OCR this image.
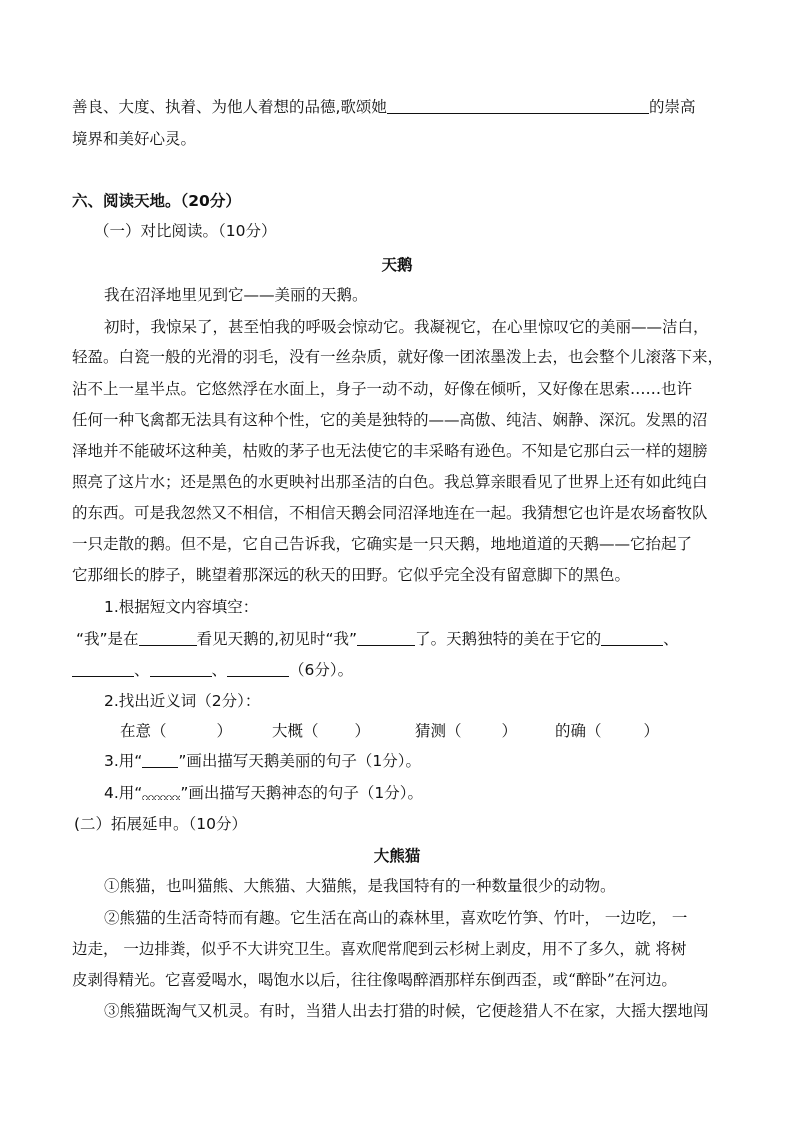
善良、大度、执着、为他人着想的品德,歌颂她	的崇高
境界和美好心灵。
六、阅读天地。（20分）
（一）对比阅读。（10分）
天鹅
我在沼泽地里见到它——美丽的天鹅。
初时，我惊呆了，甚至怕我的呼吸会惊动它。我凝视它，在心里惊叹它的美丽——洁白，
轻盈。白瓷一般的光滑的羽毛，没有一丝杂质，就好像一团浓墨泼上去，也会整个儿滚落下来，
沾不上一星半点。它悠然浮在水面上，身子一动不动，好像在倾听，又好像在思索……也许
任何一种飞禽都无法具有这种个性，它的美是独特的——高傲、纯洁、娴静、深沉。发黑的沼
泽地并不能破坏这种美，枯败的茅子也无法使它的丰采略有逊色。不知是它那白云一样的翅膀
照亮了这片水；还是黑色的水更映衬出那圣洁的白色。我总算亲眼看见了世界上还有如此纯白
的东西。可是我忽然又不相信，不相信天鹅会同沼泽地连在一起。我猜想它也许是农场畜牧队
一只走散的鹅。但不是，它自己告诉我，它确实是一只天鹅，地地道道的天鹅——它抬起了
它那细长的脖子，眺望着那深远的秋天的田野。它似乎完全没有留意脚下的黑色。
1.根据短文内容填空：
“我”是在	看见天鹅的,初见时“我”	了。天鹅独特的美在于它的	、
、	、	（6分）。
2.找出近义词（2分）：
在意（	）	大概（ ）	猜测（	） 的确（	）
3.用“ ”画出描写天鹅美丽的句子（1分）。
4.用“ ”画出描写天鹅神态的句子（1分）。
(二）拓展延申。（10分）
大熊猫
①熊猫，也叫猫熊、大熊猫、大猫熊，是我国特有的一种数量很少的动物。
②熊猫的生活奇特而有趣。它生活在高山的森林里，喜欢吃竹笋、竹叶， 一边吃， 一
边走， 一边排粪，似乎不大讲究卫生。喜欢爬常爬到云杉树上剥皮，用不了多久，就 将树
皮剥得精光。它喜爱喝水，喝饱水以后，往往像喝醉酒那样东倒西歪，或“醉卧”在河边。
③熊猫既淘气又机灵。有时，当猎人出去打猎的时候，它便趁猎人不在家，大摇大摆地闯
